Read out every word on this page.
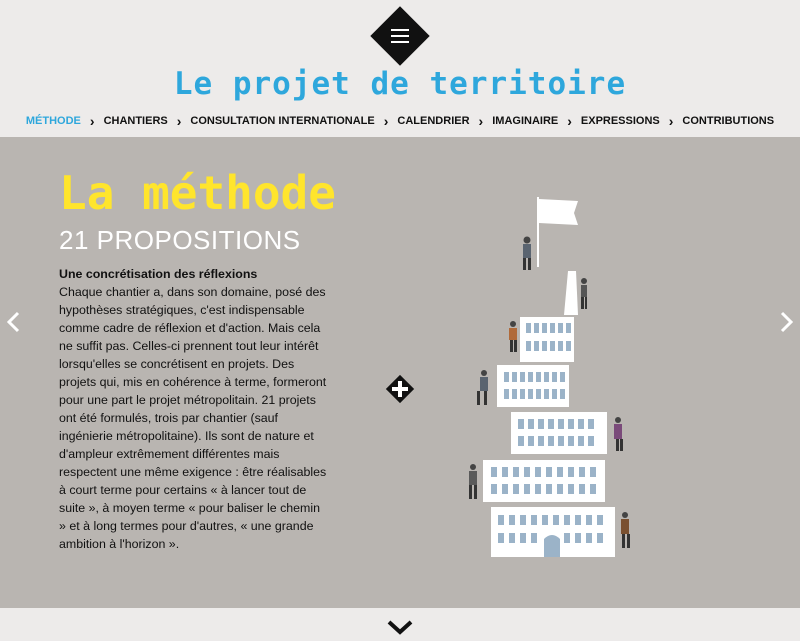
Le projet de territoire
MÉTHODE › CHANTIERS › CONSULTATION INTERNATIONALE › CALENDRIER › IMAGINAIRE › EXPRESSIONS › CONTRIBUTIONS
La méthode
21 PROPOSITIONS
Une concrétisation des réflexions
Chaque chantier a, dans son domaine, posé des hypothèses stratégiques, c'est indispensable comme cadre de réflexion et d'action. Mais cela ne suffit pas. Celles-ci prennent tout leur intérêt lorsqu'elles se concrétisent en projets. Des projets qui, mis en cohérence à terme, formeront pour une part le projet métropolitain. 21 projets ont été formulés, trois par chantier (sauf ingénierie métropolitaine). Ils sont de nature et d'ampleur extrêmement différentes mais respectent une même exigence : être réalisables à court terme pour certains « à lancer tout de suite », à moyen terme « pour baliser le chemin » et à long termes pour d'autres, « une grande ambition à l'horizon ».
